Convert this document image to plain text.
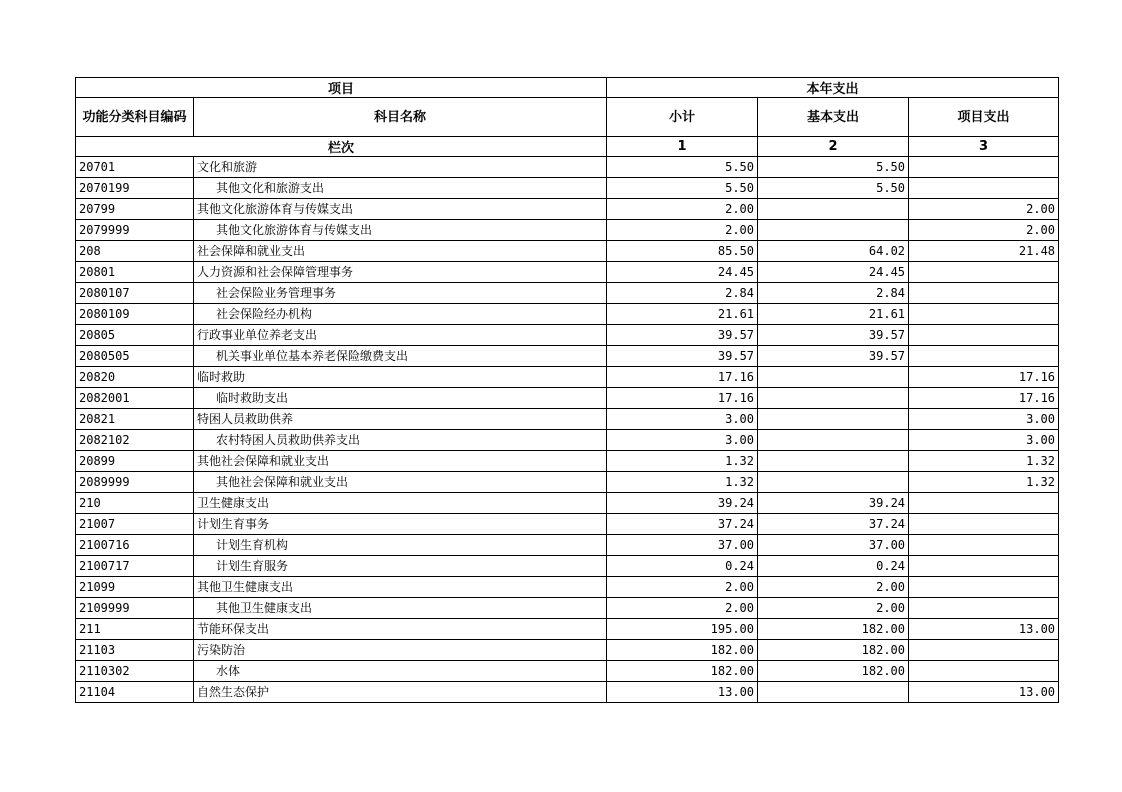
项目		本年支出		
功能分类科目编码	科目名称	小计	基本支出	项目支出
栏次		1	2	3
20701	文化和旅游	5.50	5.50	
2070199	其他文化和旅游支出	5.50	5.50	
20799	其他文化旅游体育与传媒支出	2.00		2.00
2079999	其他文化旅游体育与传媒支出	2.00		2.00
208	社会保障和就业支出	85.50	64.02	21.48
20801	人力资源和社会保障管理事务	24.45	24.45	
2080107	社会保险业务管理事务	2.84	2.84	
2080109	社会保险经办机构	21.61	21.61	
20805	行政事业单位养老支出	39.57	39.57	
2080505	机关事业单位基本养老保险缴费支出	39.57	39.57	
20820	临时救助	17.16		17.16
2082001	临时救助支出	17.16		17.16
20821	特困人员救助供养	3.00		3.00
2082102	农村特困人员救助供养支出	3.00		3.00
20899	其他社会保障和就业支出	1.32		1.32
2089999	其他社会保障和就业支出	1.32		1.32
210	卫生健康支出	39.24	39.24	
21007	计划生育事务	37.24	37.24	
2100716	计划生育机构	37.00	37.00	
2100717	计划生育服务	0.24	0.24	
21099	其他卫生健康支出	2.00	2.00	
2109999	其他卫生健康支出	2.00	2.00	
211	节能环保支出	195.00	182.00	13.00
21103	污染防治	182.00	182.00	
2110302	水体	182.00	182.00	
21104	自然生态保护	13.00		13.00
